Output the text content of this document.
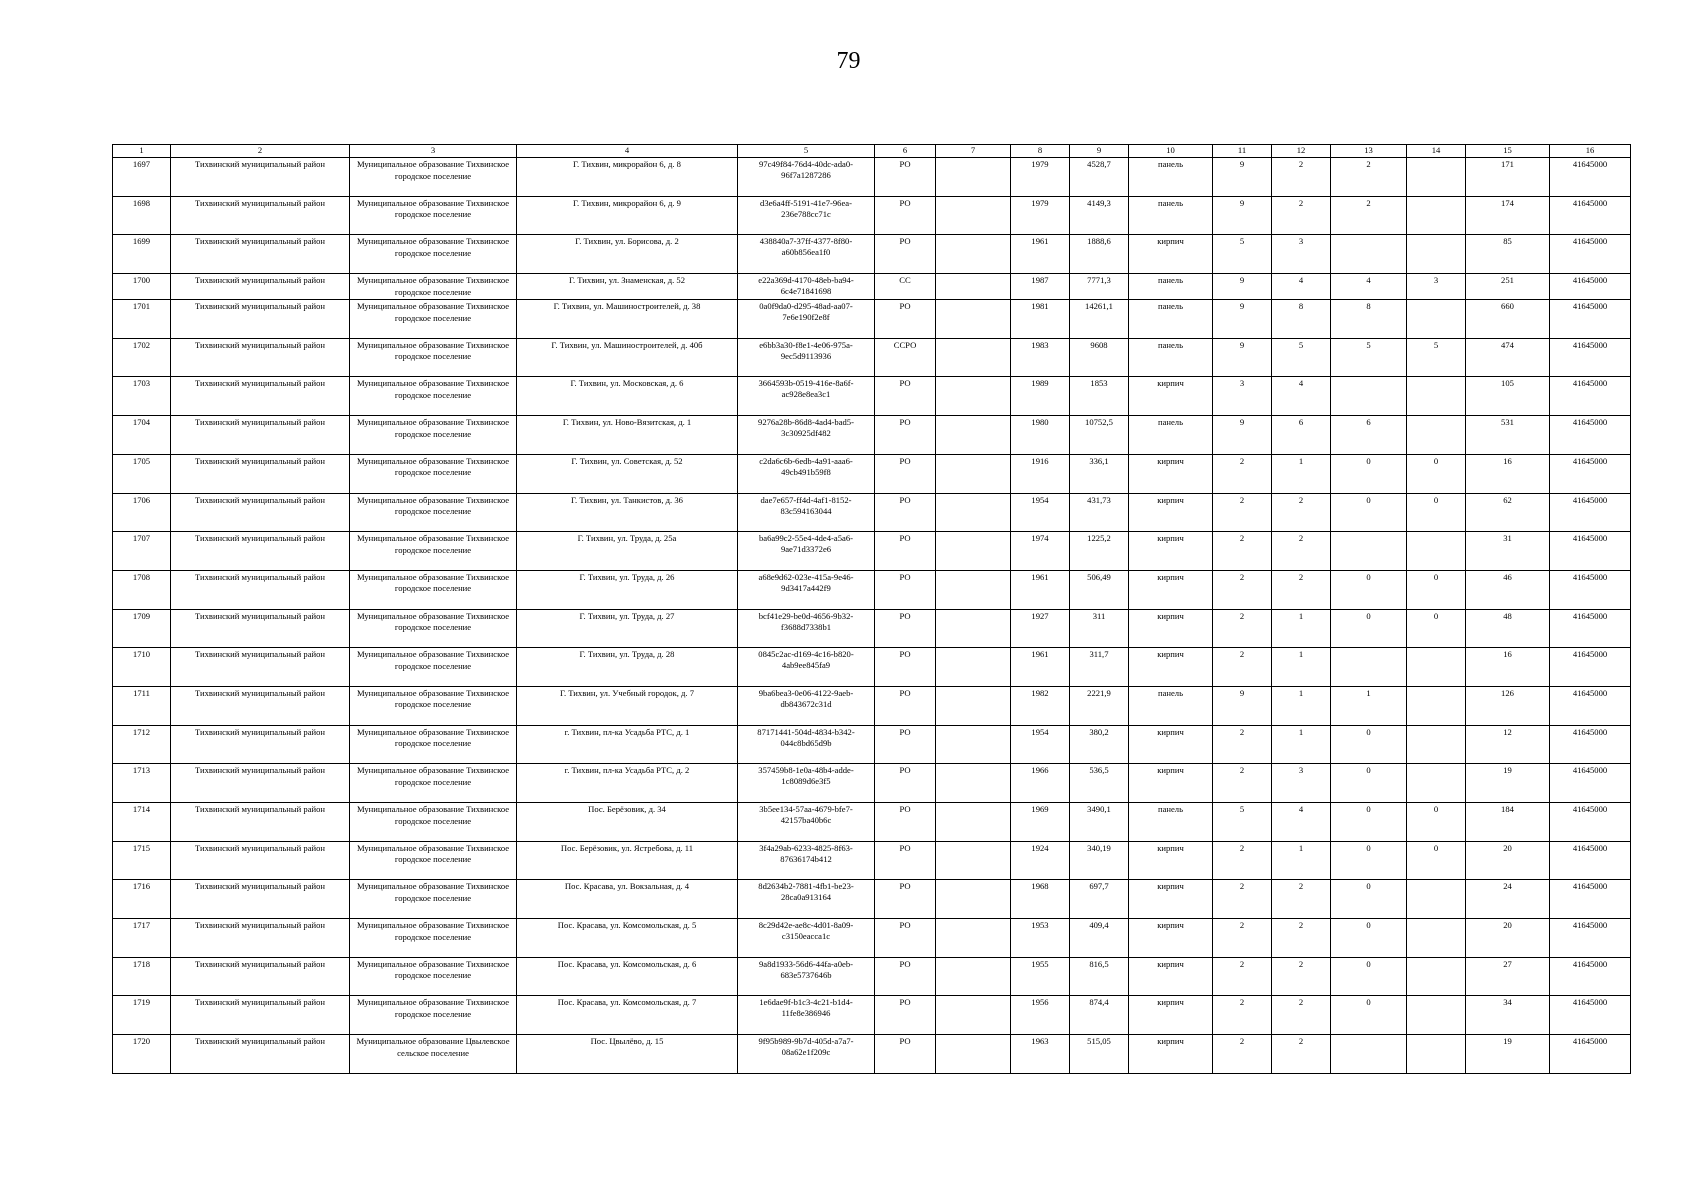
79
1	2	3	4	5	6	7	8	9	10	11	12	13	14	15	16
1697	Тихвинский муниципальный район	Муниципальное образование Тихвинское городское поселение	Г. Тихвин, микрорайон 6, д. 8	97c49f84-76d4-40dc-ada0-96f7a1287286	РО		1979	4528,7	панель	9	2	2		171	41645000
1698	Тихвинский муниципальный район	Муниципальное образование Тихвинское городское поселение	Г. Тихвин, микрорайон 6, д. 9	d3e6a4ff-5191-41e7-96ea-236e788cc71c	РО		1979	4149,3	панель	9	2	2		174	41645000
1699	Тихвинский муниципальный район	Муниципальное образование Тихвинское городское поселение	Г. Тихвин, ул. Борисова, д. 2	438840a7-37ff-4377-8f80-a60b856ea1f0	РО		1961	1888,6	кирпич	5	3			85	41645000
1700	Тихвинский муниципальный район	Муниципальное образование Тихвинское городское поселение	Г. Тихвин, ул. Знаменская, д. 52	e22a369d-4170-48eb-ba94-6c4e71841698	СС		1987	7771,3	панель	9	4	4	3	251	41645000
1701	Тихвинский муниципальный район	Муниципальное образование Тихвинское городское поселение	Г. Тихвин, ул. Машиностроителей, д. 38	0a0f9da0-d295-48ad-aa07-7e6e190f2e8f	РО		1981	14261,1	панель	9	8	8		660	41645000
1702	Тихвинский муниципальный район	Муниципальное образование Тихвинское городское поселение	Г. Тихвин, ул. Машиностроителей, д. 40б	e6bb3a30-f8e1-4e06-975a-9ec5d9113936	ССРО		1983	9608	панель	9	5	5	5	474	41645000
1703	Тихвинский муниципальный район	Муниципальное образование Тихвинское городское поселение	Г. Тихвин, ул. Московская, д. 6	3664593b-0519-416e-8a6f-ac928e8ea3c1	РО		1989	1853	кирпич	3	4			105	41645000
1704	Тихвинский муниципальный район	Муниципальное образование Тихвинское городское поселение	Г. Тихвин, ул. Ново-Вязитская, д. 1	9276a28b-86d8-4ad4-bad5-3c30925df482	РО		1980	10752,5	панель	9	6	6		531	41645000
1705	Тихвинский муниципальный район	Муниципальное образование Тихвинское городское поселение	Г. Тихвин, ул. Советская, д. 52	c2da6c6b-6edb-4a91-aaa6-49cb491b59f8	РО		1916	336,1	кирпич	2	1	0	0	16	41645000
1706	Тихвинский муниципальный район	Муниципальное образование Тихвинское городское поселение	Г. Тихвин, ул. Танкистов, д. 36	dae7e657-ff4d-4af1-8152-83c594163044	РО		1954	431,73	кирпич	2	2	0	0	62	41645000
1707	Тихвинский муниципальный район	Муниципальное образование Тихвинское городское поселение	Г. Тихвин, ул. Труда, д. 25а	ba6a99c2-55e4-4de4-a5a6-9ae71d3372e6	РО		1974	1225,2	кирпич	2	2			31	41645000
1708	Тихвинский муниципальный район	Муниципальное образование Тихвинское городское поселение	Г. Тихвин, ул. Труда, д. 26	a68e9d62-023e-415a-9e46-9d3417a442f9	РО		1961	506,49	кирпич	2	2	0	0	46	41645000
1709	Тихвинский муниципальный район	Муниципальное образование Тихвинское городское поселение	Г. Тихвин, ул. Труда, д. 27	bcf41e29-be0d-4656-9b32-f3688d7338b1	РО		1927	311	кирпич	2	1	0	0	48	41645000
1710	Тихвинский муниципальный район	Муниципальное образование Тихвинское городское поселение	Г. Тихвин, ул. Труда, д. 28	0845c2ac-d169-4c16-b820-4ab9ee845fa9	РО		1961	311,7	кирпич	2	1			16	41645000
1711	Тихвинский муниципальный район	Муниципальное образование Тихвинское городское поселение	Г. Тихвин, ул. Учебный городок, д. 7	9ba6bea3-0e06-4122-9aeb-db843672c31d	РО		1982	2221,9	панель	9	1	1		126	41645000
1712	Тихвинский муниципальный район	Муниципальное образование Тихвинское городское поселение	г. Тихвин, пл-ка Усадьба РТС, д. 1	87171441-504d-4834-b342-044c8bd65d9b	РО		1954	380,2	кирпич	2	1	0		12	41645000
1713	Тихвинский муниципальный район	Муниципальное образование Тихвинское городское поселение	г. Тихвин, пл-ка Усадьба РТС, д. 2	357459b8-1e0a-48b4-adde-1c8089d6e3f5	РО		1966	536,5	кирпич	2	3	0		19	41645000
1714	Тихвинский муниципальный район	Муниципальное образование Тихвинское городское поселение	Пос. Берёзовик, д. 34	3b5ee134-57aa-4679-bfe7-42157ba40b6c	РО		1969	3490,1	панель	5	4	0	0	184	41645000
1715	Тихвинский муниципальный район	Муниципальное образование Тихвинское городское поселение	Пос. Берёзовик, ул. Ястребова, д. 11	3f4a29ab-6233-4825-8f63-87636174b412	РО		1924	340,19	кирпич	2	1	0	0	20	41645000
1716	Тихвинский муниципальный район	Муниципальное образование Тихвинское городское поселение	Пос. Красава, ул. Вокзальная, д. 4	8d2634b2-7881-4fb1-be23-28ca0a913164	РО		1968	697,7	кирпич	2	2	0		24	41645000
1717	Тихвинский муниципальный район	Муниципальное образование Тихвинское городское поселение	Пос. Красава, ул. Комсомольская, д. 5	8c29d42e-ae8c-4d01-8a09-c3150eacca1c	РО		1953	409,4	кирпич	2	2	0		20	41645000
1718	Тихвинский муниципальный район	Муниципальное образование Тихвинское городское поселение	Пос. Красава, ул. Комсомольская, д. 6	9a8d1933-56d6-44fa-a0eb-683e5737646b	РО		1955	816,5	кирпич	2	2	0		27	41645000
1719	Тихвинский муниципальный район	Муниципальное образование Тихвинское городское поселение	Пос. Красава, ул. Комсомольская, д. 7	1e6dae9f-b1c3-4c21-b1d4-11fe8e386946	РО		1956	874,4	кирпич	2	2	0		34	41645000
1720	Тихвинский муниципальный район	Муниципальное образование Цвылевское сельское поселение	Пос. Цвылёво, д. 15	9f95b989-9b7d-405d-a7a7-08a62e1f209c	РО		1963	515,05	кирпич	2	2			19	41645000
